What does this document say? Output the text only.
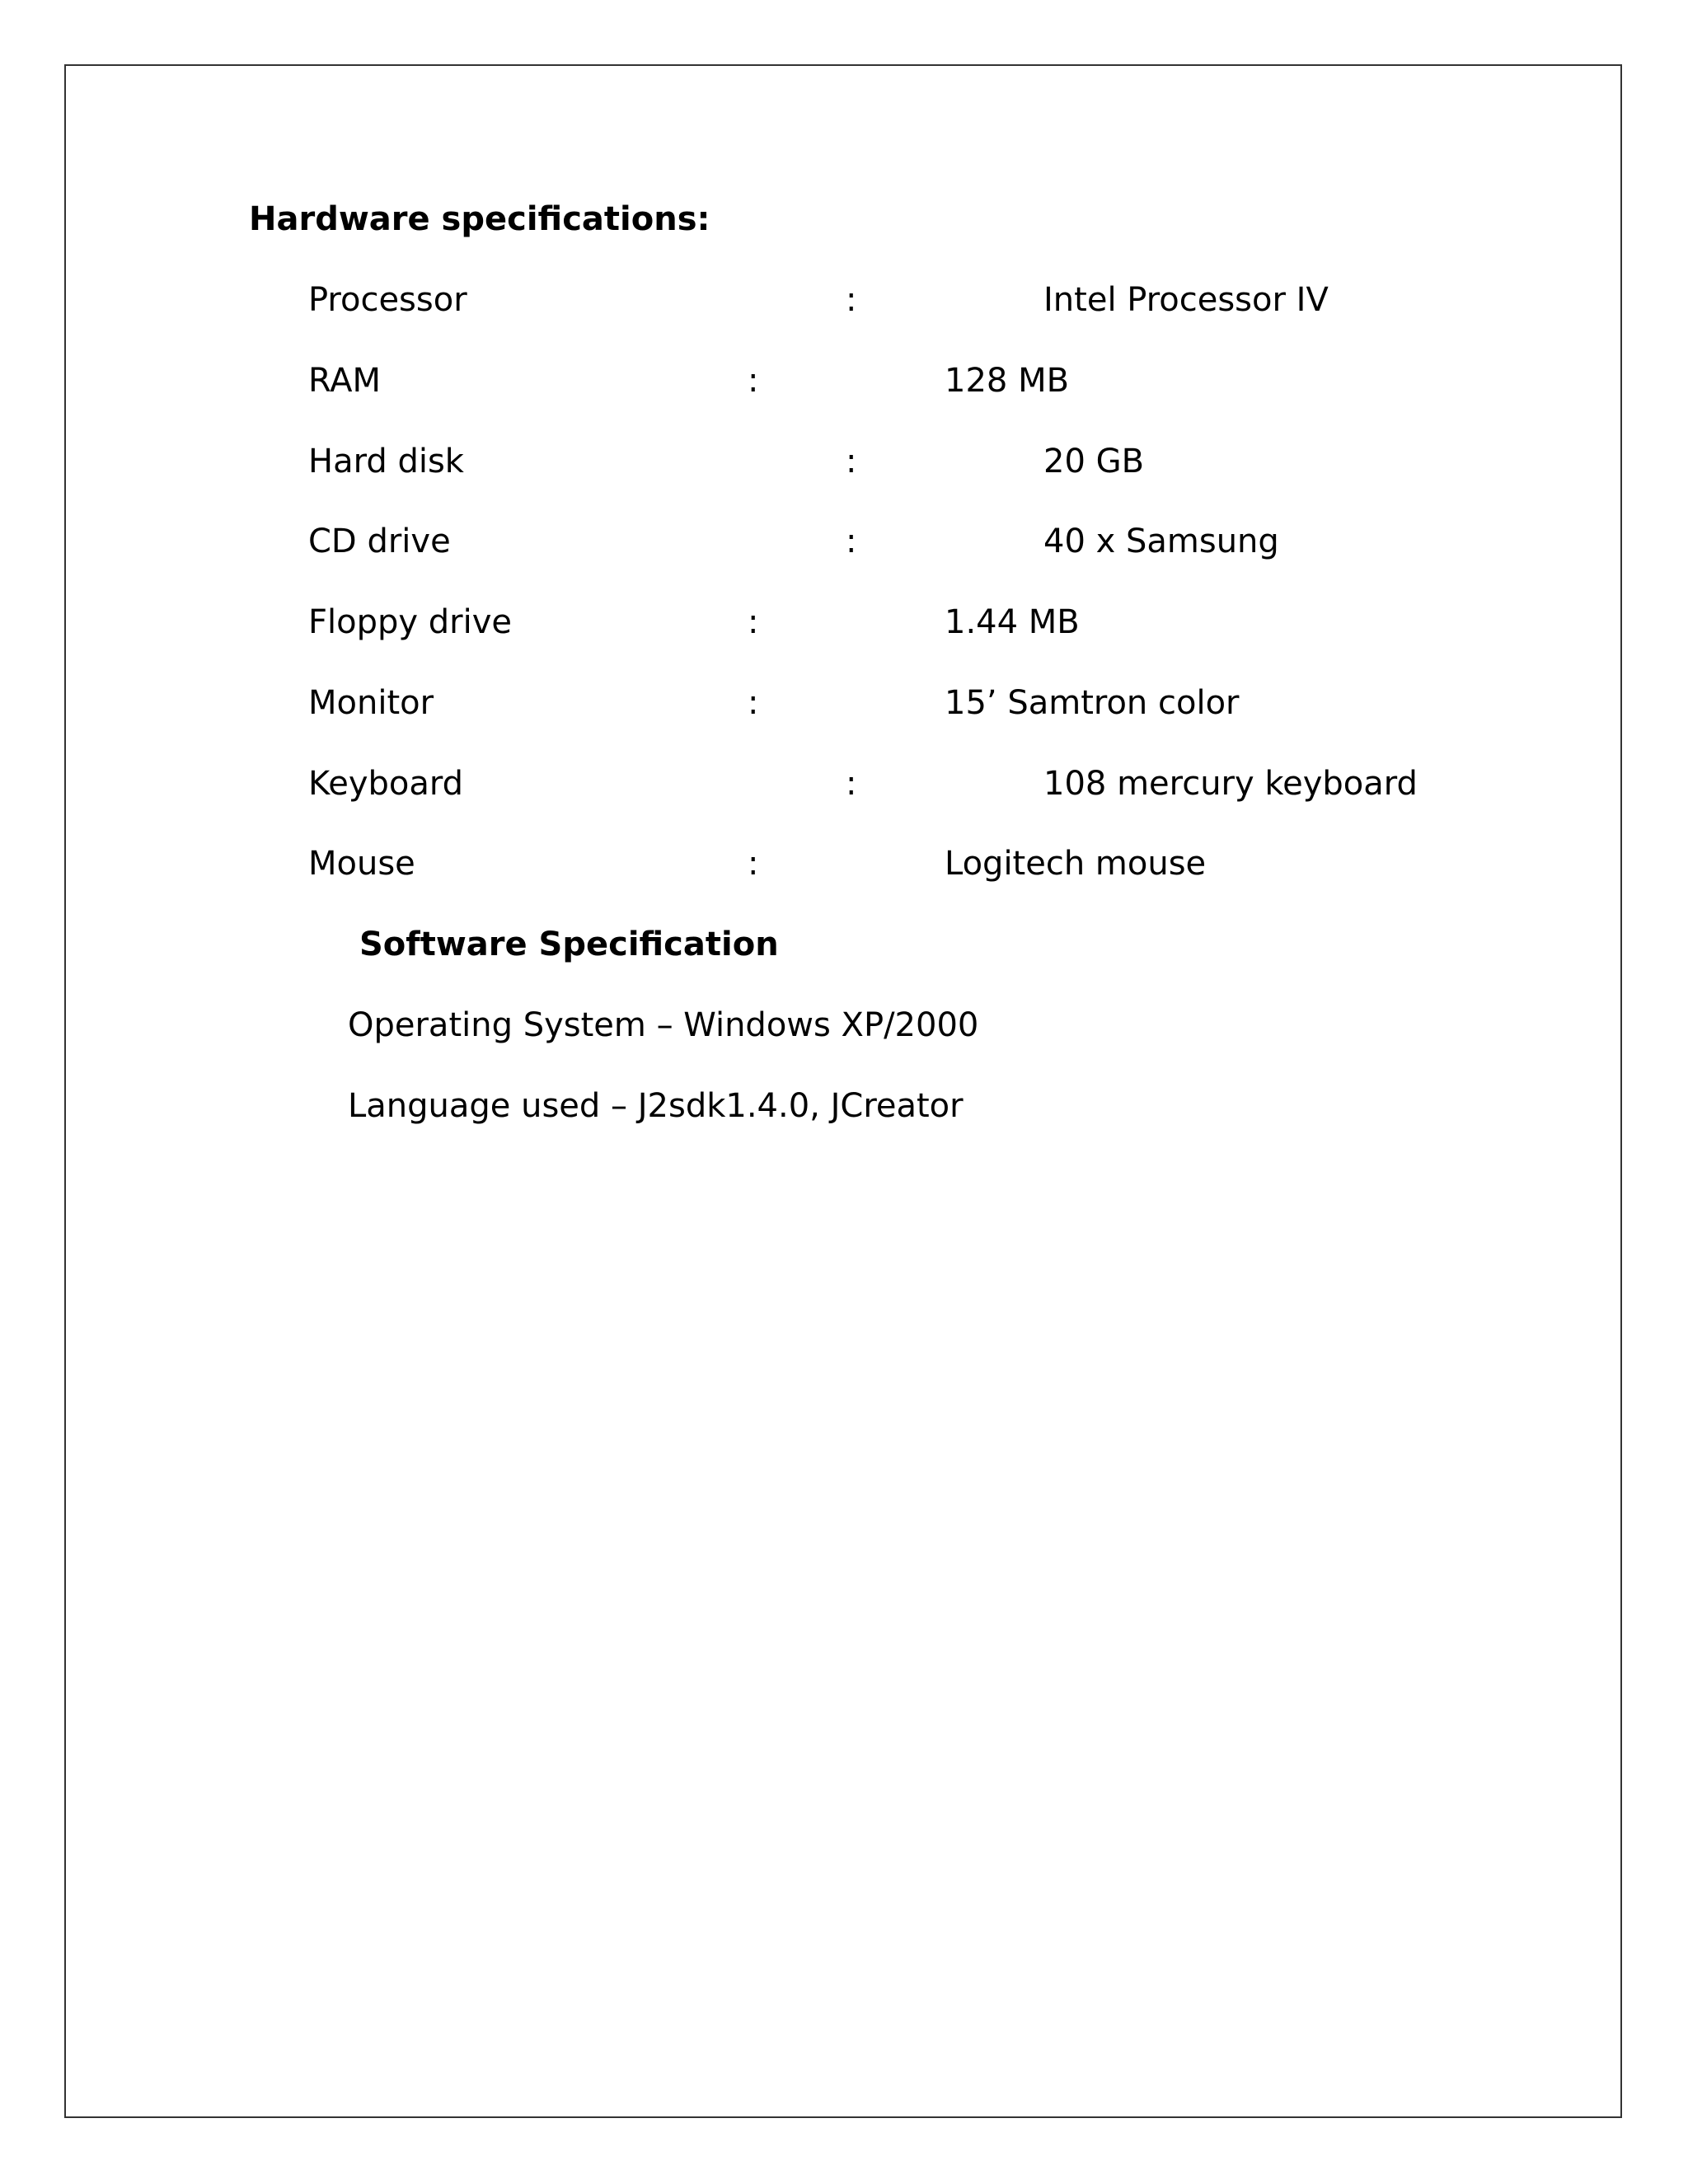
Hardware specifications:
Processor	:	Intel Processor IV
RAM	:	128 MB
Hard disk	:	20 GB
CD drive	:	40 x Samsung
Floppy drive	:	1.44 MB
Monitor	:	15’ Samtron color
Keyboard	:	108 mercury keyboard
Mouse	:	Logitech mouse
Software Specification
Operating System – Windows XP/2000
Language used – J2sdk1.4.0, JCreator
